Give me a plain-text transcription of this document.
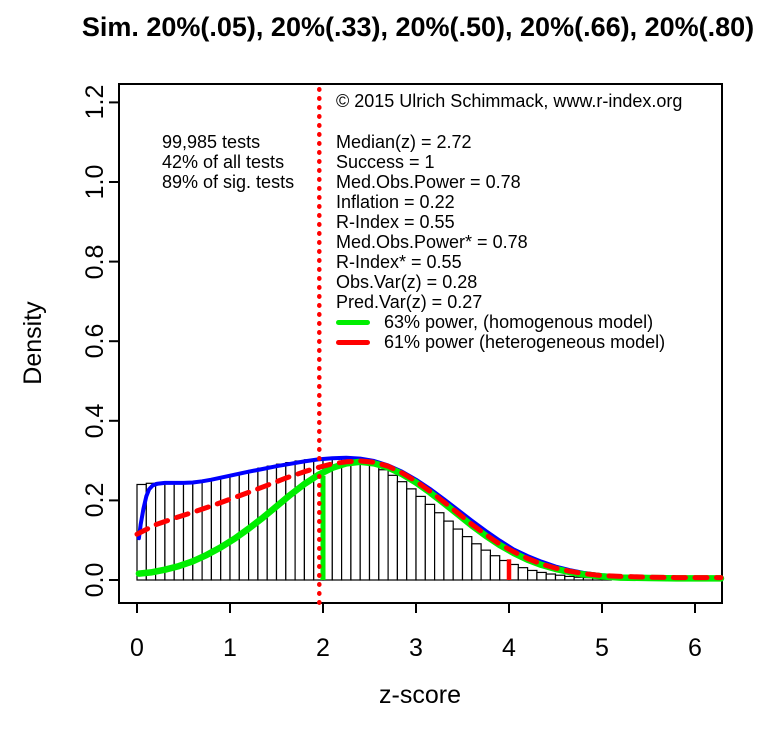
Sim. 20%(.05), 20%(.33), 20%(.50), 20%(.66), 20%(.80)
© 2015 Ulrich Schimmack, www.r-index.org
99,985 tests
42% of all tests
89% of sig. tests
Median(z) = 2.72
Success = 1
Med.Obs.Power = 0.78
Inflation = 0.22
R-Index = 0.55
Med.Obs.Power* = 0.78
R-Index* = 0.55
Obs.Var(z) = 0.28
Pred.Var(z) = 0.27
63% power, (homogenous model)
61% power (heterogeneous model)
Density
z-score
0.0
0.2
0.4
0.6
0.8
1.0
1.2
0	1	2	3	4	5	6
